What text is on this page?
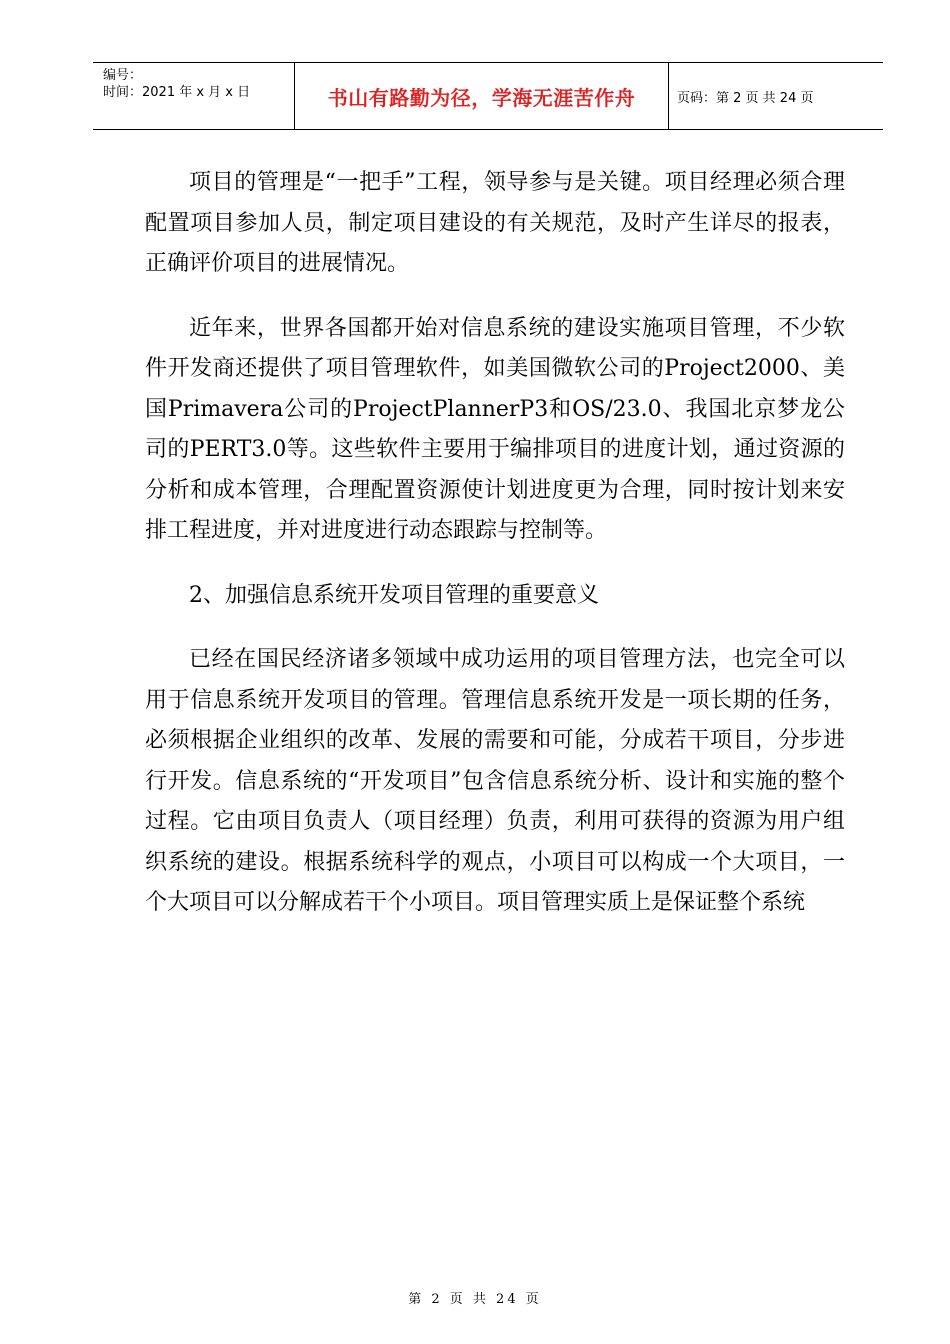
编号：
时间：2021 年 x 月 x 日	书山有路勤为径，学海无涯苦作舟	页码：第 2 页 共 24 页

项目的管理是“一把手”工程，领导参与是关键。项目经理必须合理配置项目参加人员，制定项目建设的有关规范，及时产生详尽的报表，正确评价项目的进展情况。

近年来，世界各国都开始对信息系统的建设实施项目管理，不少软件开发商还提供了项目管理软件，如美国微软公司的Project2000、美国Primavera公司的ProjectPlannerP3和OS/23.0、我国北京梦龙公司的PERT3.0等。这些软件主要用于编排项目的进度计划，通过资源的分析和成本管理，合理配置资源使计划进度更为合理，同时按计划来安排工程进度，并对进度进行动态跟踪与控制等。

2、加强信息系统开发项目管理的重要意义

已经在国民经济诸多领域中成功运用的项目管理方法，也完全可以用于信息系统开发项目的管理。管理信息系统开发是一项长期的任务，必须根据企业组织的改革、发展的需要和可能，分成若干项目，分步进行开发。信息系统的“开发项目”包含信息系统分析、设计和实施的整个过程。它由项目负责人（项目经理）负责，利用可获得的资源为用户组织系统的建设。根据系统科学的观点，小项目可以构成一个大项目，一个大项目可以分解成若干个小项目。项目管理实质上是保证整个系统

第 2 页 共 24 页
